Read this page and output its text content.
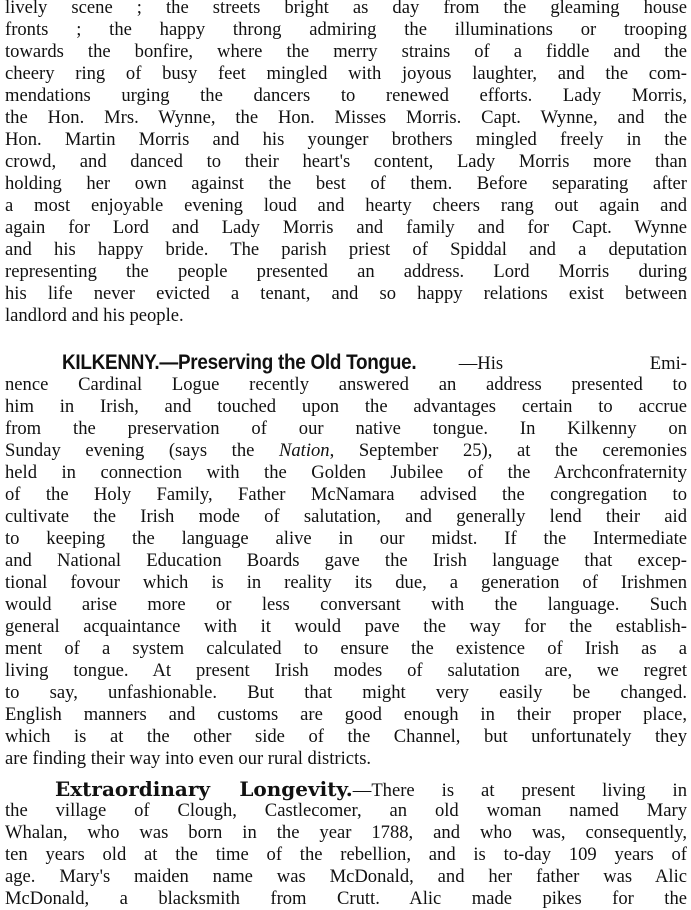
lively scene ; the streets bright as day from the gleaming house
fronts ; the happy throng admiring the illuminations or trooping
towards the bonfire, where the merry strains of a fiddle and the
cheery ring of busy feet mingled with joyous laughter, and the com-
mendations urging the dancers to renewed efforts. Lady Morris,
the Hon. Mrs. Wynne, the Hon. Misses Morris. Capt. Wynne, and the
Hon. Martin Morris and his younger brothers mingled freely in the
crowd, and danced to their heart's content, Lady Morris more than
holding her own against the best of them. Before separating after
a most enjoyable evening loud and hearty cheers rang out again and
again for Lord and Lady Morris and family and for Capt. Wynne
and his happy bride. The parish priest of Spiddal and a deputation
representing the people presented an address. Lord Morris during
his life never evicted a tenant, and so happy relations exist between
landlord and his people.
KILKENNY.—Preserving the Old Tongue. —His Emi-
nence Cardinal Logue recently answered an address presented to
him in Irish, and touched upon the advantages certain to accrue
from the preservation of our native tongue. In Kilkenny on
Sunday evening (says the Nation, September 25), at the ceremonies
held in connection with the Golden Jubilee of the Archconfraternity
of the Holy Family, Father McNamara advised the congregation to
cultivate the Irish mode of salutation, and generally lend their aid
to keeping the language alive in our midst. If the Intermediate
and National Education Boards gave the Irish language that excep-
tional fovour which is in reality its due, a generation of Irishmen
would arise more or less conversant with the language. Such
general acquaintance with it would pave the way for the establish-
ment of a system calculated to ensure the existence of Irish as a
living tongue. At present Irish modes of salutation are, we regret
to say, unfashionable. But that might very easily be changed.
English manners and customs are good enough in their proper place,
which is at the other side of the Channel, but unfortunately they
are finding their way into even our rural districts.
Extraordinary Longevity.—There is at present living in
the village of Clough, Castlecomer, an old woman named Mary
Whalan, who was born in the year 1788, and who was, consequently,
ten years old at the time of the rebellion, and is to-day 109 years of
age. Mary's maiden name was McDonald, and her father was Alic
McDonald, a blacksmith from Crutt. Alic made pikes for the
